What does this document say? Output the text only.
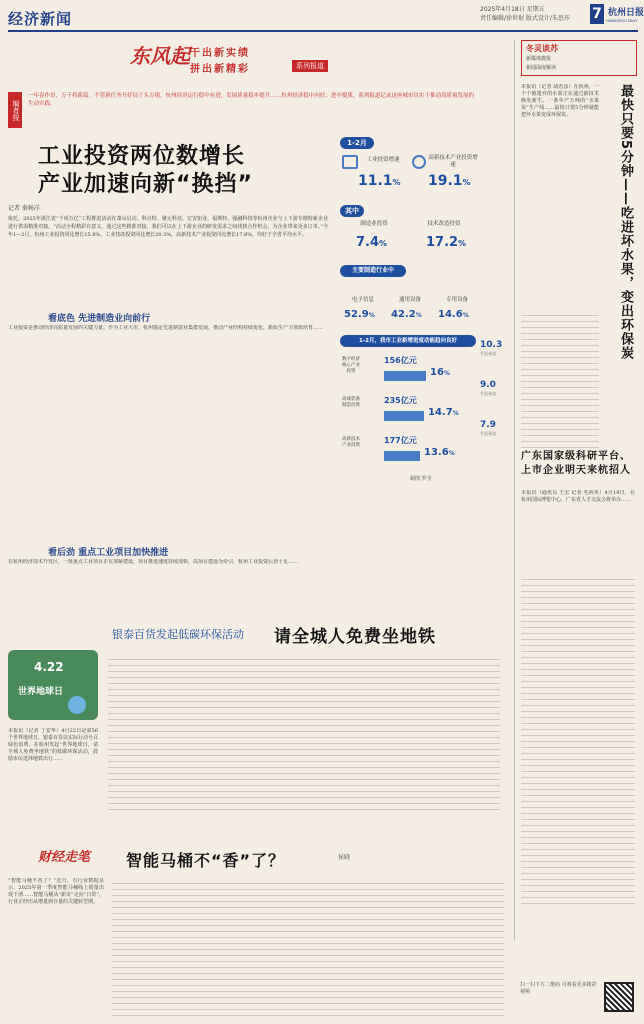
经济新闻
2025年4月18日 星期五
责任编辑/徐世珉 版式设计/朱思莎	7 杭州日报
HANGZHOU DAILY
东风起 干出新实绩
拼出新精彩	系列报道
编者按
一年春作首，万千将新篇。不管新任务开好局千头万绪，杭州经济运行稳中有进，发展质量稳步提升……杭州经济稳中向好、进中提质，系列报道记录这座城市以实干推动高质量发展的生动实践。
工业投资两位数增长
产业加速向新“换挡”
记者 秦畅洋
依托，2025年浙江省“千项万亿”工程推进活动在萧山启动。科百特、聚元科技、宏安铝业、福斯特、强融科技等杭州企业与上下游专精特新企业进行供需精准对接。“活动全程精彩有意义，通过这些精准对接，我们可以在上下游企业的研发需求之间找到合作机会，为企业带来更多订单。”今年1—2月，杭州工业投资同比增长15.8%，工业技改投资同比增长20.3%，高新技术产业投资同比增长17.6%，均好于全省平均水平。
看底色 先进制造业向前行
工业投资是推动经济高质量发展的关键力量。作为工业大市，杭州锚定先进制造业集群发展，推动产业结构持续优化，新质生产力加快培育……
看后劲 重点工业项目加快推进
在杭州经济技术开发区，一批重点工业项目正在加紧建设，项目推进速度持续加快，以项目建设为牵引，杭州工业投资后劲十足……
1-2月
工业投资增速
11.1%
高新技术产业投资增速
19.1%
其中
制造业投资
7.4%
技术改造投资
17.2%
主要制造行业中
电子信息
52.9%
通用设备
42.2%
专用设备
14.6%
1-2月，我市工业新增进度动能趋向良好
数字经济核心产业投资
156亿元
16%
高端装备制造投资
235亿元
14.7%
高新技术产业投资
177亿元
13.6%
制图 罗莹
10.3
个百分点
9.0
个百分点
7.9
个百分点
冬灵谈苏
新媒体微报
新闻深度解读
本报讯（记者 胡若彦）在杭州，一个个被遗弃的水果正在通过新技术焕发新生。一条年产万吨的“水果炭”生产线……最快只要5分钟就能把坏水果变成环保炭。	最快只要5分钟——吃进坏水果，变出环保炭
广东国家级科研平台、上市企业明天来杭招人
本报讯（通讯员 王宏 记者 毛婷英）4月19日，在杭州国际博览中心，广东省人才交流会将举办……
4.22
世界地球日
银泰百货发起低碳环保活动 请全城人免费坐地铁
本报讯（记者 丁安华）4月22日是第56个世界地球日，银泰百货以实际行动号召绿色消费，在杭州发起“世界地球日，请全城人免费坐地铁”的低碳环保活动，鼓励市民选择地铁出行……
财经走笔 智能马桶不“香”了？	侯晓
“智能马桶不香了？”近日，有行业数据显示，2025年第一季度智能马桶线上销量出现下滑……智能马桶从“新奇”走向“日常”，行业正经历从增量到存量的关键转型期。
扫一扫下方二维码 可观看更多精彩视频
